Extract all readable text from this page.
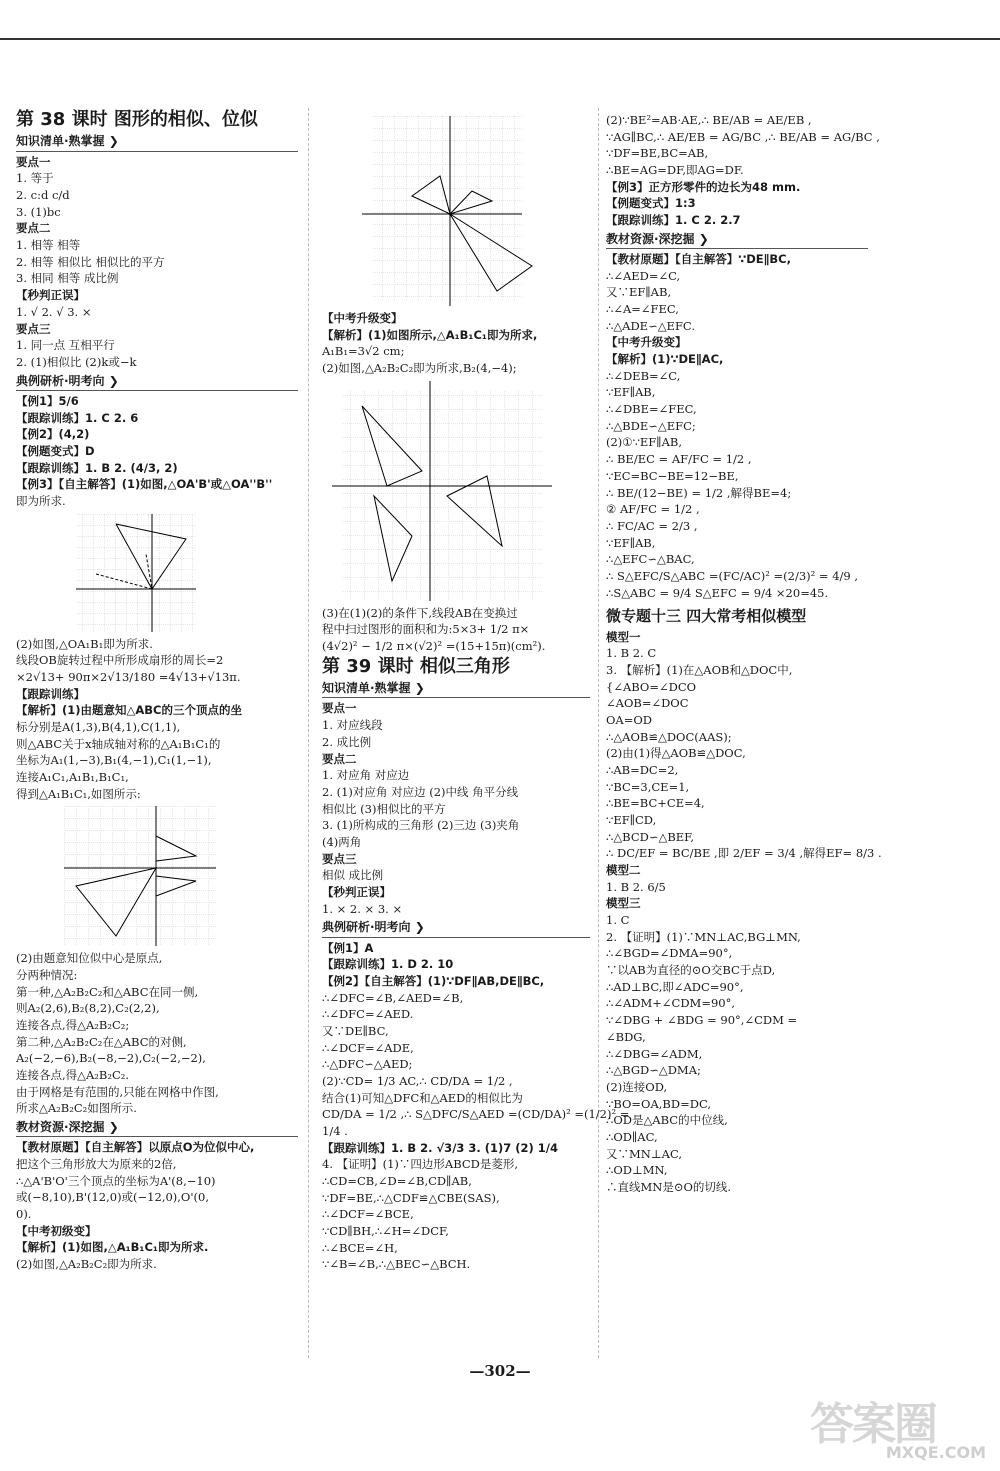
第 38 课时 图形的相似、位似
知识清单·熟掌握 ❯
要点一
1. 等于
2. c:d c/d
3. (1)bc
要点二
1. 相等 相等
2. 相等 相似比 相似比的平方
3. 相同 相等 成比例
【秒判正误】
1. √ 2. √ 3. ×
要点三
1. 同一点 互相平行
2. (1)相似比 (2)k或−k
典例研析·明考向 ❯
【例1】5/6
【跟踪训练】1. C 2. 6
【例2】(4,2)
【例题变式】D
【跟踪训练】1. B 2. (4/3, 2)
【例3】【自主解答】(1)如图,△OA'B'或△OA''B''
即为所求.
(2)如图,△OA₁B₁即为所求.
线段OB旋转过程中所形成扇形的周长=2
×2√13+ 90π×2√13/180 =4√13+√13π.
【跟踪训练】
【解析】(1)由题意知△ABC的三个顶点的坐
标分别是A(1,3),B(4,1),C(1,1),
则△ABC关于x轴成轴对称的△A₁B₁C₁的
坐标为A₁(1,−3),B₁(4,−1),C₁(1,−1),
连接A₁C₁,A₁B₁,B₁C₁,
得到△A₁B₁C₁,如图所示:
(2)由题意知位似中心是原点,
分两种情况:
第一种,△A₂B₂C₂和△ABC在同一侧,
则A₂(2,6),B₂(8,2),C₂(2,2),
连接各点,得△A₂B₂C₂;
第二种,△A₂B₂C₂在△ABC的对侧,
A₂(−2,−6),B₂(−8,−2),C₂(−2,−2),
连接各点,得△A₂B₂C₂.
由于网格是有范围的,只能在网格中作图,
所求△A₂B₂C₂如图所示.
教材资源·深挖掘 ❯
【教材原题】【自主解答】以原点O为位似中心,
把这个三角形放大为原来的2倍,
∴△A'B'O'三个顶点的坐标为A'(8,−10)
或(−8,10),B'(12,0)或(−12,0),O'(0,
0).
【中考初级变】
【解析】(1)如图,△A₁B₁C₁即为所求.
(2)如图,△A₂B₂C₂即为所求.
【中考升级变】
【解析】(1)如图所示,△A₁B₁C₁即为所求,
A₁B₁=3√2 cm;
(2)如图,△A₂B₂C₂即为所求,B₂(4,−4);
(3)在(1)(2)的条件下,线段AB在变换过
程中扫过图形的面积和为:5×3+ 1/2 π×
(4√2)² − 1/2 π×(√2)² =(15+15π)(cm²).
第 39 课时 相似三角形
知识清单·熟掌握 ❯
要点一
1. 对应线段
2. 成比例
要点二
1. 对应角 对应边
2. (1)对应角 对应边 (2)中线 角平分线
相似比 (3)相似比的平方
3. (1)所构成的三角形 (2)三边 (3)夹角
(4)两角
要点三
相似 成比例
【秒判正误】
1. × 2. × 3. ×
典例研析·明考向 ❯
【例1】A
【跟踪训练】1. D 2. 10
【例2】【自主解答】(1)∵DF∥AB,DE∥BC,
∴∠DFC=∠B,∠AED=∠B,
∴∠DFC=∠AED.
又∵DE∥BC,
∴∠DCF=∠ADE,
∴△DFC∽△AED;
(2)∵CD= 1/3 AC,∴ CD/DA = 1/2 ,
结合(1)可知△DFC和△AED的相似比为
CD/DA = 1/2 ,∴ S△DFC/S△AED =(CD/DA)² =(1/2)² =
1/4 .
【跟踪训练】1. B 2. √3/3 3. (1)7 (2) 1/4
4. 【证明】(1)∵四边形ABCD是菱形,
∴CD=CB,∠D=∠B,CD∥AB,
∵DF=BE,∴△CDF≌△CBE(SAS),
∴∠DCF=∠BCE,
∵CD∥BH,∴∠H=∠DCF,
∴∠BCE=∠H,
∵∠B=∠B,∴△BEC∽△BCH.
(2)∵BE²=AB·AE,∴ BE/AB = AE/EB ,
∵AG∥BC,∴ AE/EB = AG/BC ,∴ BE/AB = AG/BC ,
∵DF=BE,BC=AB,
∴BE=AG=DF,即AG=DF.
【例3】正方形零件的边长为48 mm.
【例题变式】1:3
【跟踪训练】1. C 2. 2.7
教材资源·深挖掘 ❯
【教材原题】【自主解答】∵DE∥BC,
∴∠AED=∠C,
又∵EF∥AB,
∴∠A=∠FEC,
∴△ADE∽△EFC.
【中考升级变】
【解析】(1)∵DE∥AC,
∴∠DEB=∠C,
∵EF∥AB,
∴∠DBE=∠FEC,
∴△BDE∽△EFC;
(2)①∵EF∥AB,
∴ BE/EC = AF/FC = 1/2 ,
∵EC=BC−BE=12−BE,
∴ BE/(12−BE) = 1/2 ,解得BE=4;
② AF/FC = 1/2 ,
∴ FC/AC = 2/3 ,
∵EF∥AB,
∴△EFC∽△BAC,
∴ S△EFC/S△ABC =(FC/AC)² =(2/3)² = 4/9 ,
∴S△ABC = 9/4 S△EFC = 9/4 ×20=45.
微专题十三 四大常考相似模型
模型一
1. B 2. C
3. 【解析】(1)在△AOB和△DOC中,
{∠ABO=∠DCO
∠AOB=∠DOC
OA=OD
∴△AOB≌△DOC(AAS);
(2)由(1)得△AOB≌△DOC,
∴AB=DC=2,
∵BC=3,CE=1,
∴BE=BC+CE=4,
∵EF∥CD,
∴△BCD∽△BEF,
∴ DC/EF = BC/BE ,即 2/EF = 3/4 ,解得EF= 8/3 .
模型二
1. B 2. 6/5
模型三
1. C
2. 【证明】(1)∵MN⊥AC,BG⊥MN,
∴∠BGD=∠DMA=90°,
∵以AB为直径的⊙O交BC于点D,
∴AD⊥BC,即∠ADC=90°,
∴∠ADM+∠CDM=90°,
∵∠DBG + ∠BDG = 90°,∠CDM =
∠BDG,
∴∠DBG=∠ADM,
∴△BGD∽△DMA;
(2)连接OD,
∵BO=OA,BD=DC,
∴OD是△ABC的中位线,
∴OD∥AC,
又∵MN⊥AC,
∴OD⊥MN,
∴直线MN是⊙O的切线.
—302—
答案圈
MXQE.COM
